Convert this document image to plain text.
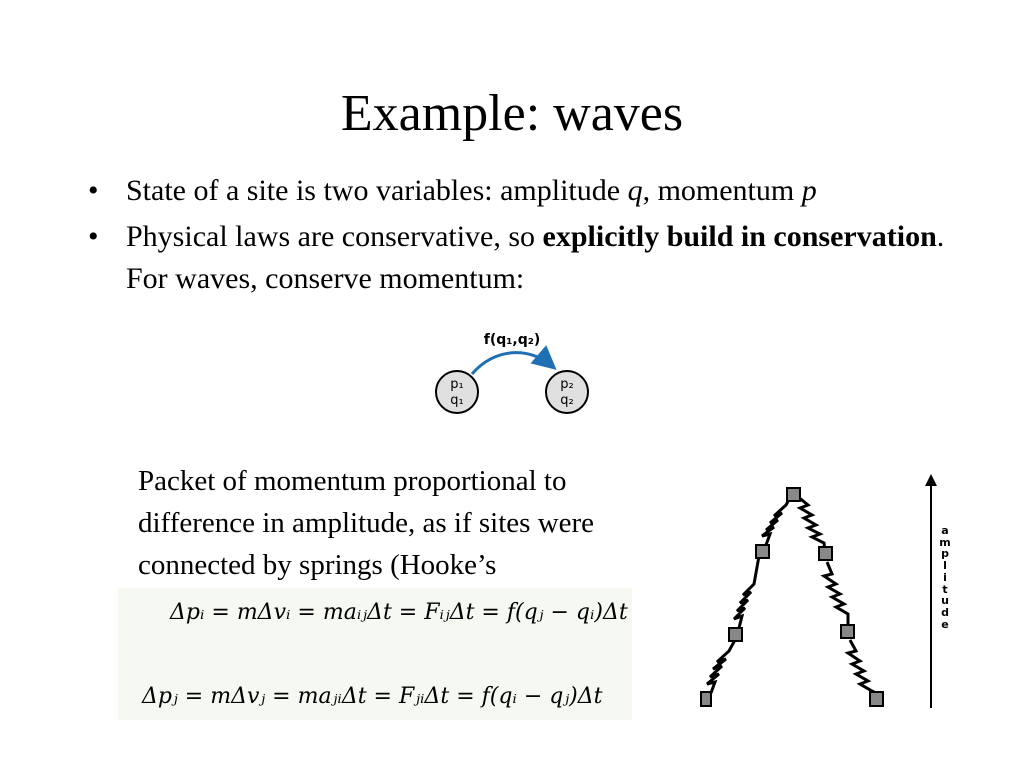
Example: waves
• State of a site is two variables: amplitude q, momentum p
• Physical laws are conservative, so explicitly build in conservation. For waves, conserve momentum:
f(q₁,q₂)
p₁
q₁
p₂
q₂
Packet of momentum proportional to difference in amplitude, as if sites were connected by springs (Hooke’s
Δpᵢ = mΔvᵢ = maᵢⱼΔt = FᵢⱼΔt = f(qⱼ − qᵢ)Δt
Δpⱼ = mΔvⱼ = maⱼᵢΔt = FⱼᵢΔt = f(qᵢ − qⱼ)Δt
a
m
p
l
i
t
u
d
e
